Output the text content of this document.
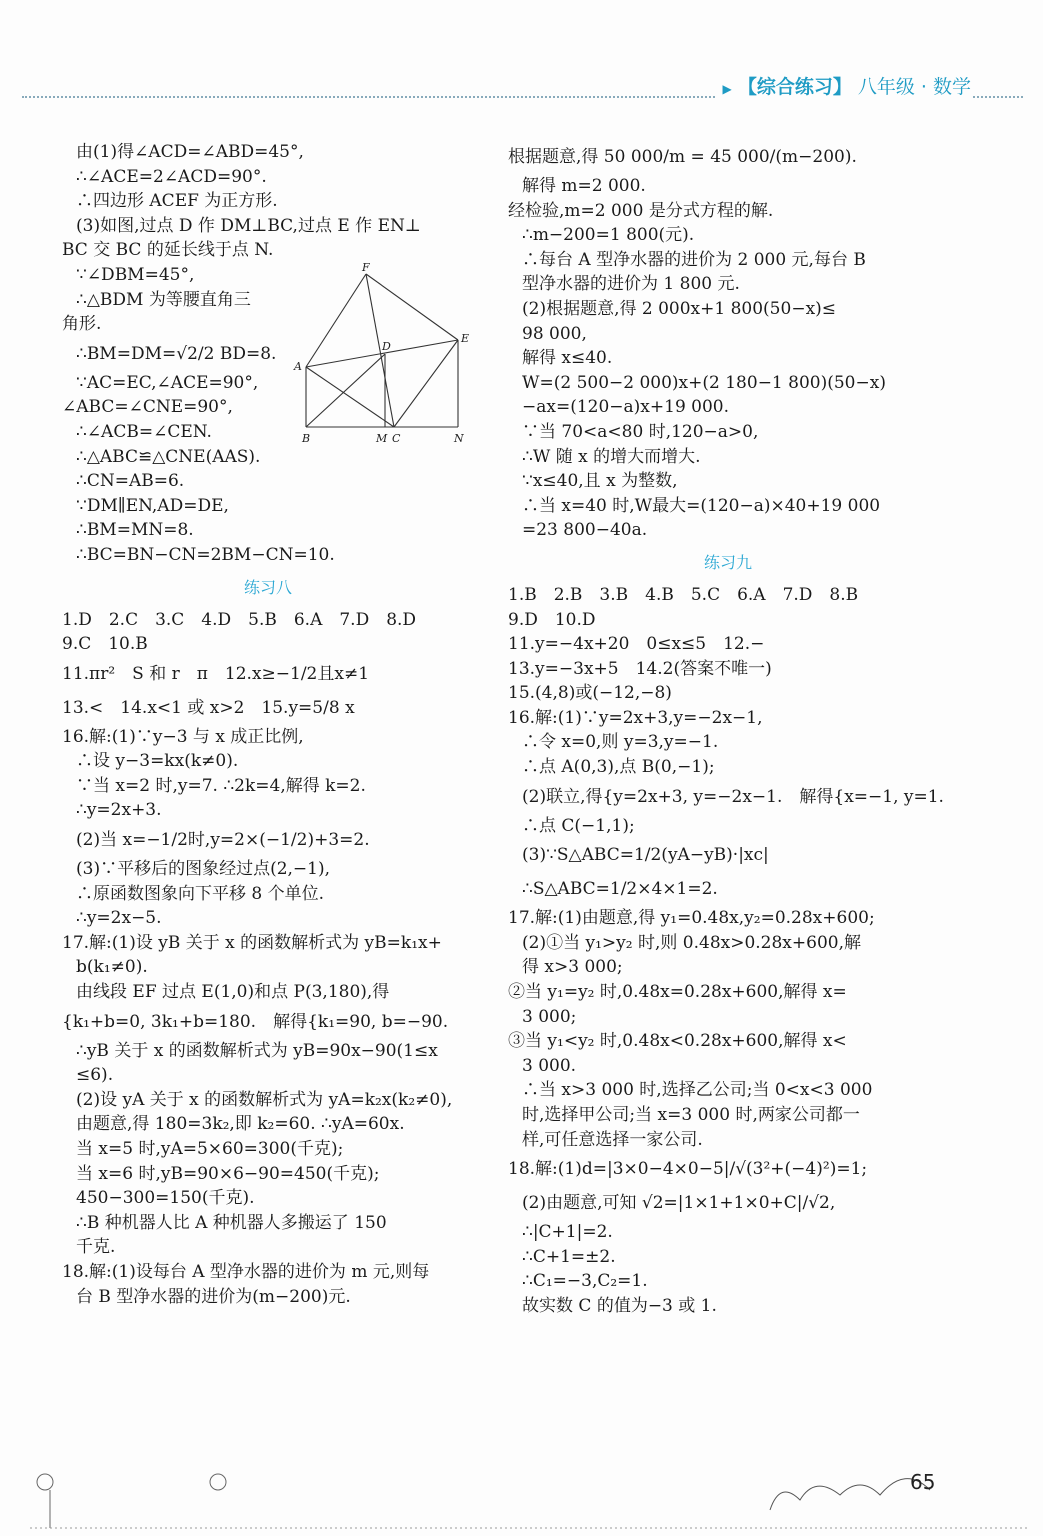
▶ 【综合练习】 八年级 · 数学
由(1)得∠ACD=∠ABD=45°,
∴∠ACE=2∠ACD=90°.
∴四边形 ACEF 为正方形.
(3)如图,过点 D 作 DM⊥BC,过点 E 作 EN⊥
BC 交 BC 的延长线于点 N.
∵∠DBM=45°,
∴△BDM 为等腰直角三
角形.
∴BM=DM=√2/2 BD=8.
∵AC=EC,∠ACE=90°,
∠ABC=∠CNE=90°,
∴∠ACB=∠CEN.
∴△ABC≌△CNE(AAS).
∴CN=AB=6.
∵DM∥EN,AD=DE,
∴BM=MN=8.
∴BC=BN−CN=2BM−CN=10.
练习八
1.D　2.C　3.C　4.D　5.B　6.A　7.D　8.D
9.C　10.B
11.πr²　S 和 r　π　12.x≥−1/2且x≠1
13.<　14.x<1 或 x>2　15.y=5/8 x
16.解:(1)∵y−3 与 x 成正比例,
∴设 y−3=kx(k≠0).
∵当 x=2 时,y=7. ∴2k=4,解得 k=2.
∴y=2x+3.
(2)当 x=−1/2时,y=2×(−1/2)+3=2.
(3)∵平移后的图象经过点(2,−1),
∴原函数图象向下平移 8 个单位.
∴y=2x−5.
17.解:(1)设 yB 关于 x 的函数解析式为 yB=k₁x+
b(k₁≠0).
由线段 EF 过点 E(1,0)和点 P(3,180),得
{k₁+b=0, 3k₁+b=180.　解得{k₁=90, b=−90.
∴yB 关于 x 的函数解析式为 yB=90x−90(1≤x
≤6).
(2)设 yA 关于 x 的函数解析式为 yA=k₂x(k₂≠0),
由题意,得 180=3k₂,即 k₂=60. ∴yA=60x.
当 x=5 时,yA=5×60=300(千克);
当 x=6 时,yB=90×6−90=450(千克);
450−300=150(千克).
∴B 种机器人比 A 种机器人多搬运了 150
千克.
18.解:(1)设每台 A 型净水器的进价为 m 元,则每
台 B 型净水器的进价为(m−200)元.
F
A
D
E
B	M C	N
根据题意,得 50 000/m = 45 000/(m−200).
解得 m=2 000.
经检验,m=2 000 是分式方程的解.
∴m−200=1 800(元).
∴每台 A 型净水器的进价为 2 000 元,每台 B
型净水器的进价为 1 800 元.
(2)根据题意,得 2 000x+1 800(50−x)≤
98 000,
解得 x≤40.
W=(2 500−2 000)x+(2 180−1 800)(50−x)
−ax=(120−a)x+19 000.
∵当 70<a<80 时,120−a>0,
∴W 随 x 的增大而增大.
∵x≤40,且 x 为整数,
∴当 x=40 时,W最大=(120−a)×40+19 000
=23 800−40a.
练习九
1.B　2.B　3.B　4.B　5.C　6.A　7.D　8.B
9.D　10.D
11.y=−4x+20　0≤x≤5　12.−
13.y=−3x+5　14.2(答案不唯一)
15.(4,8)或(−12,−8)
16.解:(1)∵y=2x+3,y=−2x−1,
∴令 x=0,则 y=3,y=−1.
∴点 A(0,3),点 B(0,−1);
(2)联立,得{y=2x+3, y=−2x−1.　解得{x=−1, y=1.
∴点 C(−1,1);
(3)∵S△ABC=1/2(yA−yB)·|xc|
∴S△ABC=1/2×4×1=2.
17.解:(1)由题意,得 y₁=0.48x,y₂=0.28x+600;
(2)①当 y₁>y₂ 时,则 0.48x>0.28x+600,解
得 x>3 000;
②当 y₁=y₂ 时,0.48x=0.28x+600,解得 x=
3 000;
③当 y₁<y₂ 时,0.48x<0.28x+600,解得 x<
3 000.
∴当 x>3 000 时,选择乙公司;当 0<x<3 000
时,选择甲公司;当 x=3 000 时,两家公司都一
样,可任意选择一家公司.
18.解:(1)d=|3×0−4×0−5|/√(3²+(−4)²)=1;
(2)由题意,可知 √2=|1×1+1×0+C|/√2,
∴|C+1|=2.
∴C+1=±2.
∴C₁=−3,C₂=1.
故实数 C 的值为−3 或 1.
65
